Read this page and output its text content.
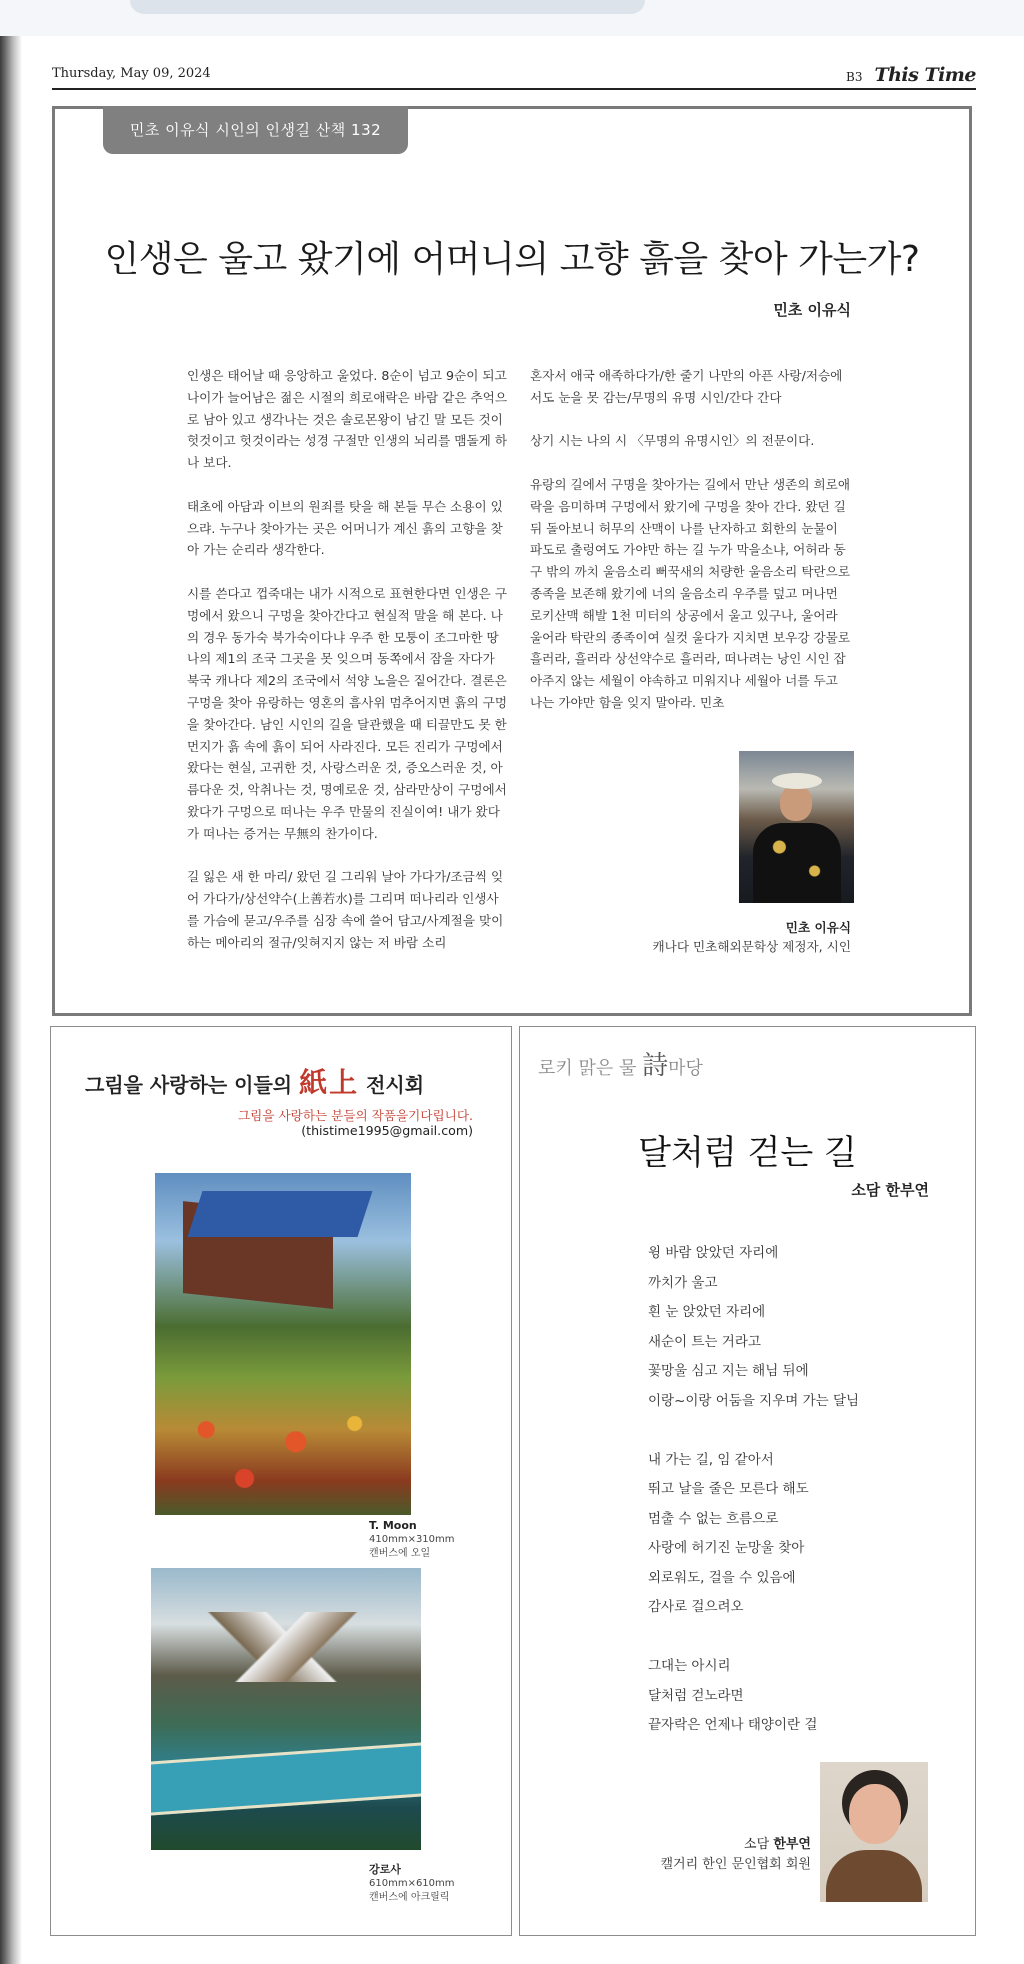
Thursday, May 09, 2024	B3 This Time
민초 이유식 시인의 인생길 산책 132
인생은 울고 왔기에 어머니의 고향 흙을 찾아 가는가?
민초 이유식

인생은 태어날 때 응앙하고 울었다. 8순이 넘고 9순이 되고 나이가 늘어남은 젊은 시절의 희로애락은 바람 같은 추억으로 남아 있고 생각나는 것은 솔로몬왕이 남긴 말 모든 것이 헛것이고 헛것이라는 성경 구절만 인생의 뇌리를 맴돌게 하나 보다.

태초에 아담과 이브의 원죄를 탓을 해 본들 무슨 소용이 있으랴. 누구나 찾아가는 곳은 어머니가 계신 흙의 고향을 찾아 가는 순리라 생각한다.

시를 쓴다고 껍죽대는 내가 시적으로 표현한다면 인생은 구멍에서 왔으니 구멍을 찾아간다고 현실적 말을 해 본다. 나의 경우 동가숙 북가숙이다냐 우주 한 모퉁이 조그마한 땅 나의 제1의 조국 그곳을 못 잊으며 동쪽에서 잠을 자다가 북국 캐나다 제2의 조국에서 석양 노을은 짙어간다. 결론은 구멍을 찾아 유랑하는 영혼의 흠사위 멈추어지면 흙의 구멍을 찾아간다. 남인 시인의 길을 달관했을 때 티끌만도 못 한 먼지가 흙 속에 흙이 되어 사라진다. 모든 진리가 구멍에서 왔다는 현실, 고귀한 것, 사랑스러운 것, 증오스러운 것, 아름다운 것, 악취나는 것, 명예로운 것, 삼라만상이 구멍에서 왔다가 구멍으로 떠나는 우주 만물의 진실이여! 내가 왔다가 떠나는 증거는 무無의 찬가이다.

길 잃은 새 한 마리/ 왔던 길 그리워 날아 가다가/조금씩 잊어 가다가/상선약수(上善若水)를 그리며 떠나리라 인생사를 가슴에 묻고/우주를 심장 속에 쓸어 담고/사계절을 맞이하는 메아리의 절규/잊혀지지 않는 저 바람 소리

혼자서 애국 애족하다가/한 줄기 나만의 아픈 사랑/저승에서도 눈을 못 감는/무명의 유명 시인/간다 간다

상기 시는 나의 시 〈무명의 유명시인〉의 전문이다.

유랑의 길에서 구명을 찾아가는 길에서 만난 생존의 희로애락을 음미하며 구멍에서 왔기에 구멍을 찾아 간다. 왔던 길 뒤 돌아보니 허무의 산맥이 나를 난자하고 회한의 눈물이 파도로 출렁여도 가야만 하는 길 누가 막을소냐, 어허라 동구 밖의 까치 울음소리 뻐꾹새의 처량한 울음소리 탁란으로 종족을 보존해 왔기에 너의 울음소리 우주를 덮고 머나먼 로키산맥 해발 1천 미터의 상공에서 울고 있구나, 울어라 울어라 탁란의 종족이여 실컷 울다가 지치면 보우강 강물로 흘러라, 흘러라 상선약수로 흘러라, 떠나려는 낭인 시인 잡아주지 않는 세월이 야속하고 미워지나 세월아 너를 두고 나는 가야만 함을 잊지 말아라. 민초

민초 이유식
캐나다 민초해외문학상 제정자, 시인
그림을 사랑하는 이들의 紙上 전시회
그림을 사랑하는 분들의 작품을기다립니다.
(thistime1995@gmail.com)
T. Moon
410mm×310mm
캔버스에 오일
강로사
610mm×610mm
캔버스에 아크릴릭
로키 맑은 물 詩마당
달처럼 걷는 길
소담 한부연
윙 바람 앉았던 자리에
까치가 울고
흰 눈 앉았던 자리에
새순이 트는 거라고
꽃망울 심고 지는 해님 뒤에
이랑~이랑 어둠을 지우며 가는 달님
내 가는 길, 임 같아서
뛰고 날을 줄은 모른다 해도
멈출 수 없는 흐름으로
사랑에 허기진 눈망울 찾아
외로워도, 걸을 수 있음에
감사로 걸으려오
그대는 아시리
달처럼 걷노라면
끝자락은 언제나 태양이란 걸
소담 한부연
캘거리 한인 문인협회 회원
